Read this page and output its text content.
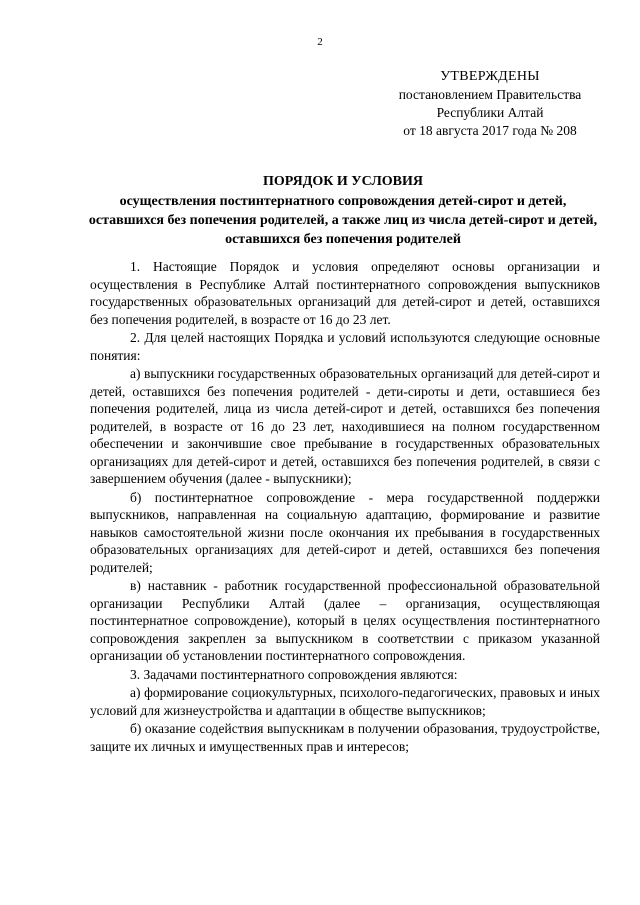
2
УТВЕРЖДЕНЫ
постановлением Правительства
Республики Алтай
от 18 августа 2017 года № 208
ПОРЯДОК И УСЛОВИЯ
осуществления постинтернатного сопровождения детей-сирот и детей, оставшихся без попечения родителей, а также лиц из числа детей-сирот и детей, оставшихся без попечения родителей

1. Настоящие Порядок и условия определяют основы организации и осуществления в Республике Алтай постинтернатного сопровождения выпускников государственных образовательных организаций для детей-сирот и детей, оставшихся без попечения родителей, в возрасте от 16 до 23 лет.

2. Для целей настоящих Порядка и условий используются следующие основные понятия:

а) выпускники государственных образовательных организаций для детей-сирот и детей, оставшихся без попечения родителей - дети-сироты и дети, оставшиеся без попечения родителей, лица из числа детей-сирот и детей, оставшихся без попечения родителей, в возрасте от 16 до 23 лет, находившиеся на полном государственном обеспечении и закончившие свое пребывание в государственных образовательных организациях для детей-сирот и детей, оставшихся без попечения родителей, в связи с завершением обучения (далее - выпускники);

б) постинтернатное сопровождение - мера государственной поддержки выпускников, направленная на социальную адаптацию, формирование и развитие навыков самостоятельной жизни после окончания их пребывания в государственных образовательных организациях для детей-сирот и детей, оставшихся без попечения родителей;

в) наставник - работник государственной профессиональной образовательной организации Республики Алтай (далее – организация, осуществляющая постинтернатное сопровождение), который в целях осуществления постинтернатного сопровождения закреплен за выпускником в соответствии с приказом указанной организации об установлении постинтернатного сопровождения.

3. Задачами постинтернатного сопровождения являются:

а) формирование социокультурных, психолого-педагогических, правовых и иных условий для жизнеустройства и адаптации в обществе выпускников;

б) оказание содействия выпускникам в получении образования, трудоустройстве, защите их личных и имущественных прав и интересов;
